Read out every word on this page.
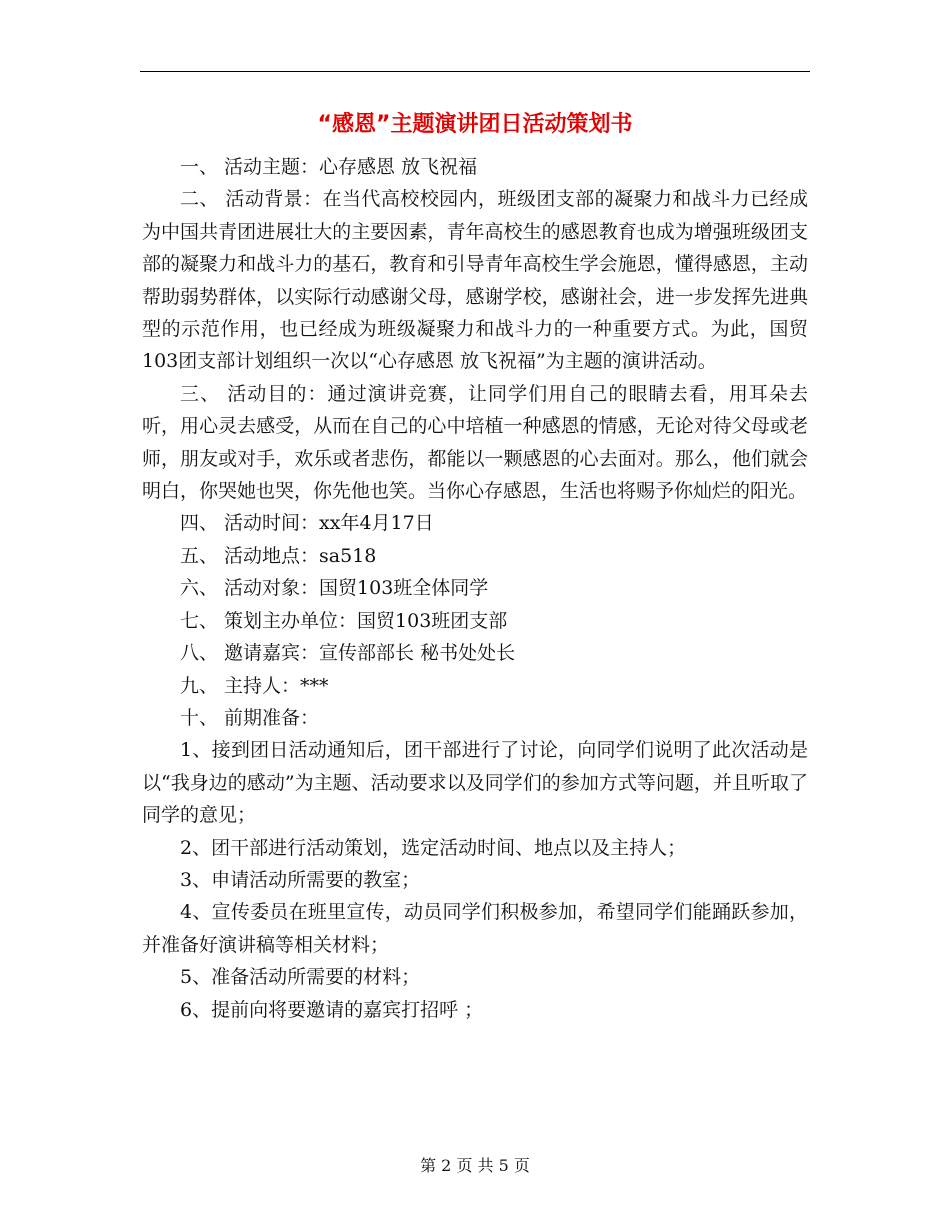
“感恩”主题演讲团日活动策划书

一、 活动主题：心存感恩 放飞祝福

二、 活动背景：在当代高校校园内，班级团支部的凝聚力和战斗力已经成为中国共青团进展壮大的主要因素，青年高校生的感恩教育也成为增强班级团支部的凝聚力和战斗力的基石，教育和引导青年高校生学会施恩，懂得感恩，主动帮助弱势群体，以实际行动感谢父母，感谢学校，感谢社会，进一步发挥先进典型的示范作用，也已经成为班级凝聚力和战斗力的一种重要方式。为此，国贸103团支部计划组织一次以“心存感恩 放飞祝福”为主题的演讲活动。

三、 活动目的：通过演讲竞赛，让同学们用自己的眼睛去看，用耳朵去听，用心灵去感受，从而在自己的心中培植一种感恩的情感，无论对待父母或老师，朋友或对手，欢乐或者悲伤，都能以一颗感恩的心去面对。那么，他们就会明白，你哭她也哭，你先他也笑。当你心存感恩，生活也将赐予你灿烂的阳光。

四、 活动时间：xx年4月17日

五、 活动地点：sa518

六、 活动对象：国贸103班全体同学

七、 策划主办单位：国贸103班团支部

八、 邀请嘉宾：宣传部部长 秘书处处长

九、 主持人：***

十、 前期准备：

1、接到团日活动通知后，团干部进行了讨论，向同学们说明了此次活动是以“我身边的感动”为主题、活动要求以及同学们的参加方式等问题，并且听取了同学的意见；

2、团干部进行活动策划，选定活动时间、地点以及主持人；

3、申请活动所需要的教室；

4、宣传委员在班里宣传，动员同学们积极参加，希望同学们能踊跃参加，并准备好演讲稿等相关材料；

5、准备活动所需要的材料；

6、提前向将要邀请的嘉宾打招呼 ；

第 2 页 共 5 页
